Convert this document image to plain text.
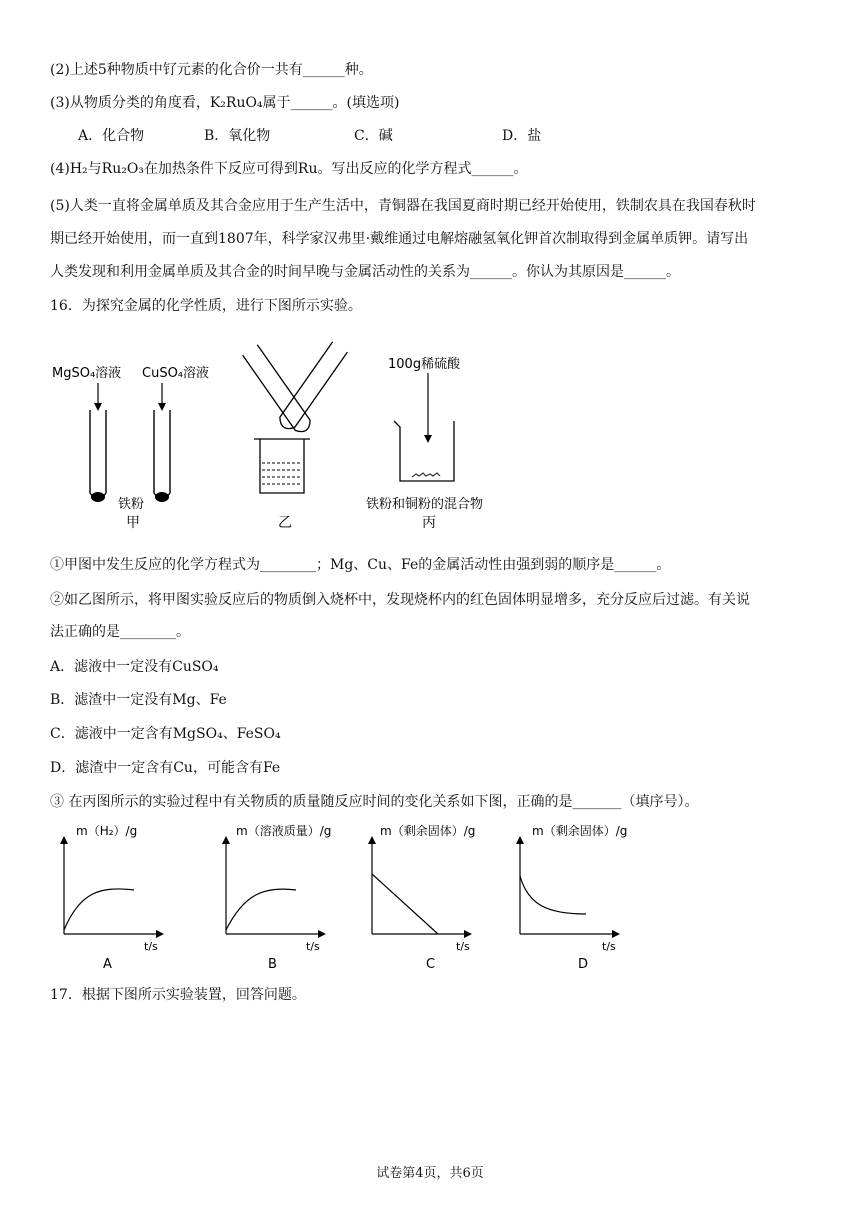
(2)上述5种物质中钌元素的化合价一共有______种。
(3)从物质分类的角度看，K₂RuO₄属于______。(填选项)
A．化合物	B．氧化物	C．碱	D．盐
(4)H₂与Ru₂O₃在加热条件下反应可得到Ru。写出反应的化学方程式______。
(5)人类一直将金属单质及其合金应用于生产生活中，青铜器在我国夏商时期已经开始使用，铁制农具在我国春秋时
期已经开始使用，而一直到1807年，科学家汉弗里·戴维通过电解熔融氢氧化钾首次制取得到金属单质钾。请写出
人类发现和利用金属单质及其合金的时间早晚与金属活动性的关系为______。你认为其原因是______。
16．为探究金属的化学性质，进行下图所示实验。
MgSO₄溶液 CuSO₄溶液
铁粉
甲	乙
100g稀硫酸
铁粉和铜粉的混合物
丙
①甲图中发生反应的化学方程式为________；Mg、Cu、Fe的金属活动性由强到弱的顺序是______。
②如乙图所示，将甲图实验反应后的物质倒入烧杯中，发现烧杯内的红色固体明显增多，充分反应后过滤。有关说
法正确的是________。
A．滤液中一定没有CuSO₄
B．滤渣中一定没有Mg、Fe
C．滤液中一定含有MgSO₄、FeSO₄
D．滤渣中一定含有Cu，可能含有Fe
③ 在丙图所示的实验过程中有关物质的质量随反应时间的变化关系如下图，正确的是_______（填序号）。
m（H₂）/g
t/s
A
m（溶液质量）/g
t/s
B
m（剩余固体）/g
t/s
C
m（剩余固体）/g
t/s
D
17．根据下图所示实验装置，回答问题。
试卷第4页，共6页
